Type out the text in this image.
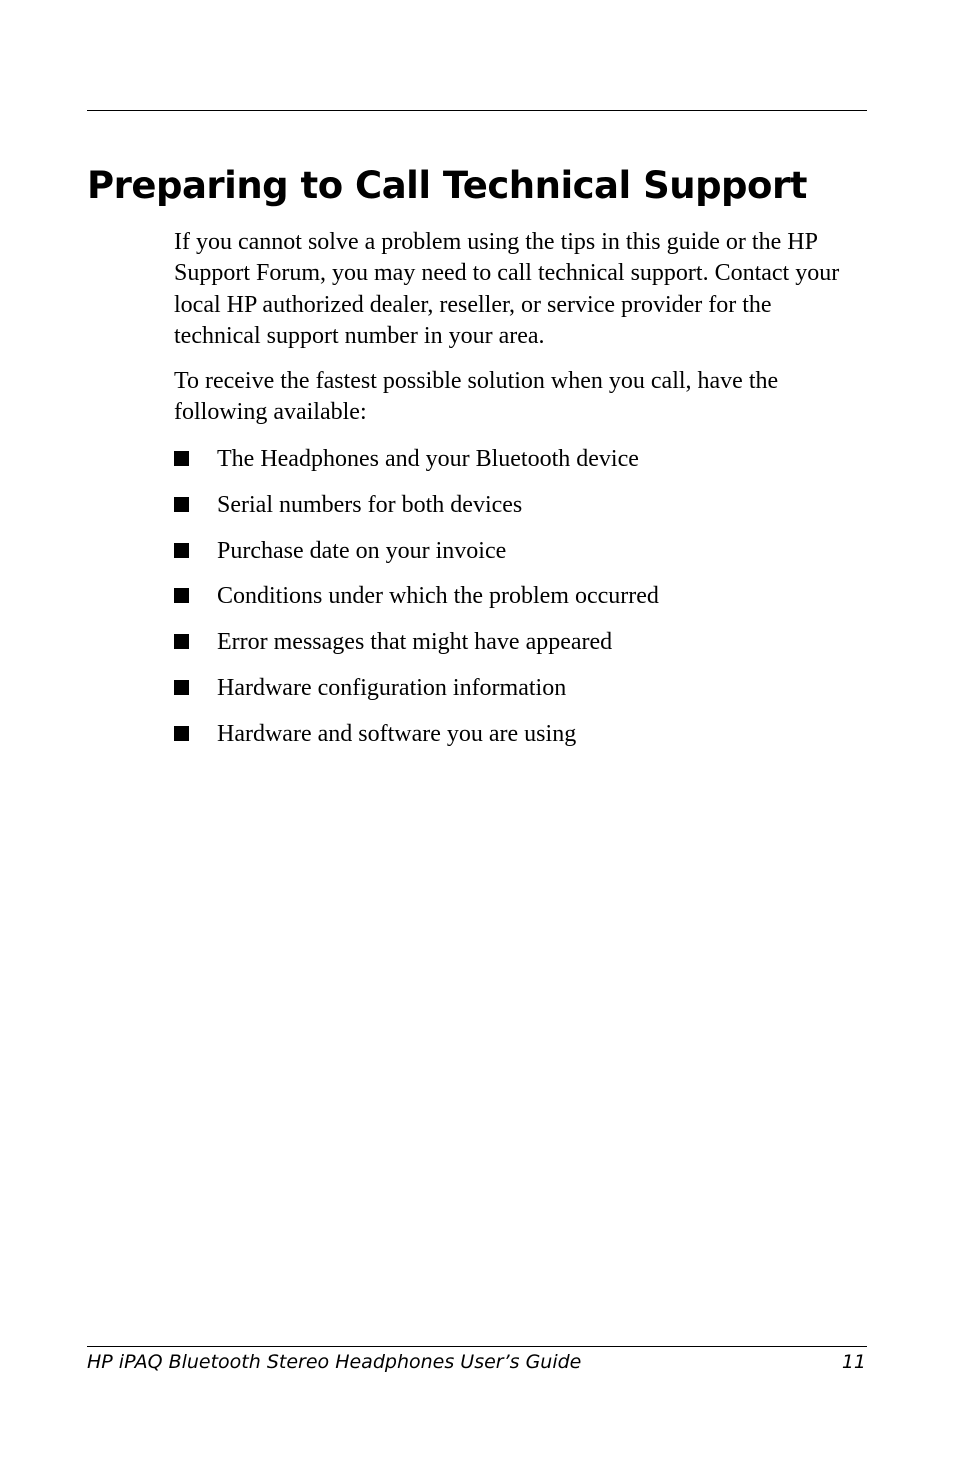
Preparing to Call Technical Support

If you cannot solve a problem using the tips in this guide or the HP Support Forum, you may need to call technical support. Contact your local HP authorized dealer, reseller, or service provider for the technical support number in your area.

To receive the fastest possible solution when you call, have the following available:

The Headphones and your Bluetooth device
Serial numbers for both devices
Purchase date on your invoice
Conditions under which the problem occurred
Error messages that might have appeared
Hardware configuration information
Hardware and software you are using
HP iPAQ Bluetooth Stereo Headphones User’s Guide	11
